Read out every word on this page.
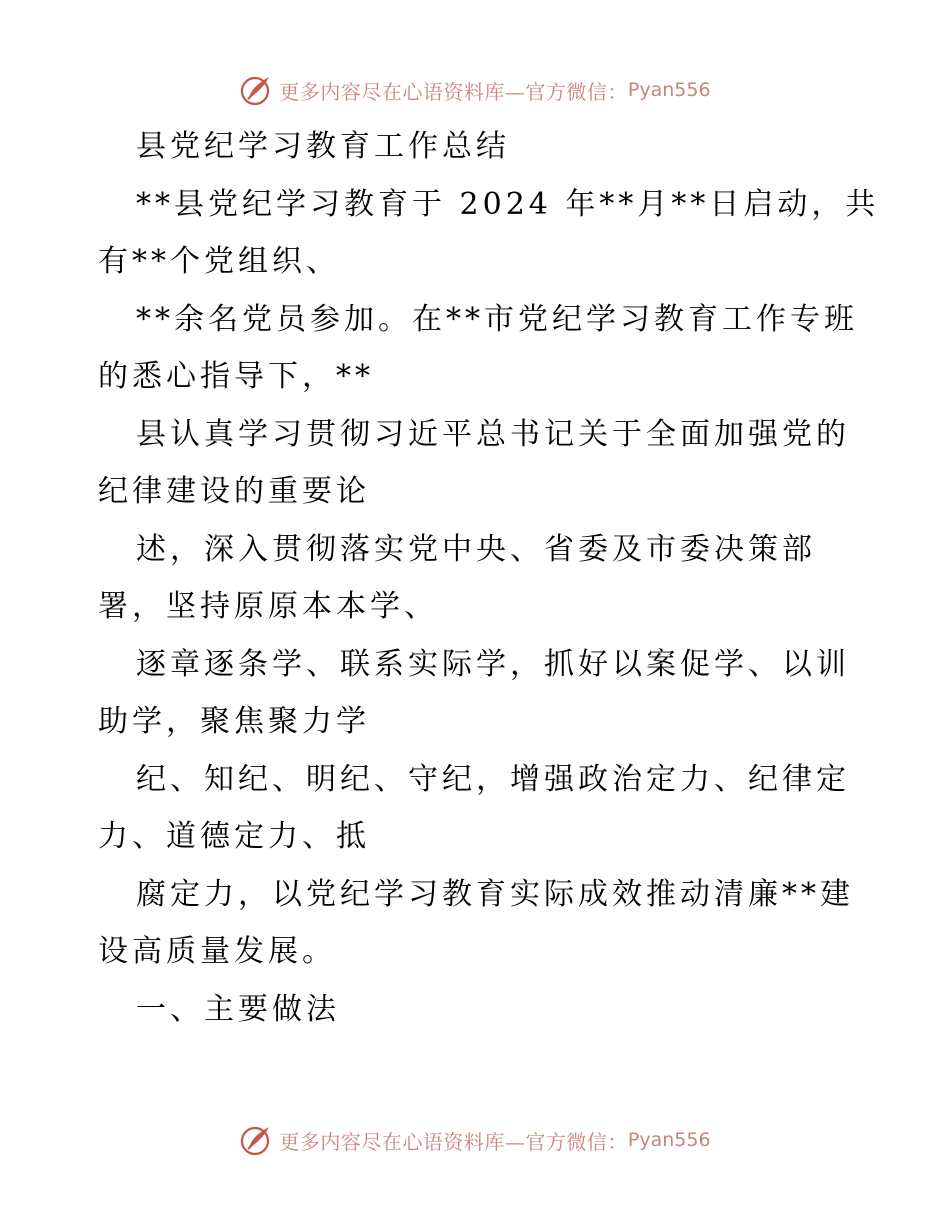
更多内容尽在心语资料库—官方微信： Pyan556
县党纪学习教育工作总结
**县党纪学习教育于 2024 年**月**日启动，共
有**个党组织、
**余名党员参加。在**市党纪学习教育工作专班
的悉心指导下，**
县认真学习贯彻习近平总书记关于全面加强党的
纪律建设的重要论
述，深入贯彻落实党中央、省委及市委决策部
署，坚持原原本本学、
逐章逐条学、联系实际学，抓好以案促学、以训
助学，聚焦聚力学
纪、知纪、明纪、守纪，增强政治定力、纪律定
力、道德定力、抵
腐定力，以党纪学习教育实际成效推动清廉**建
设高质量发展。
一、主要做法
更多内容尽在心语资料库—官方微信： Pyan556
